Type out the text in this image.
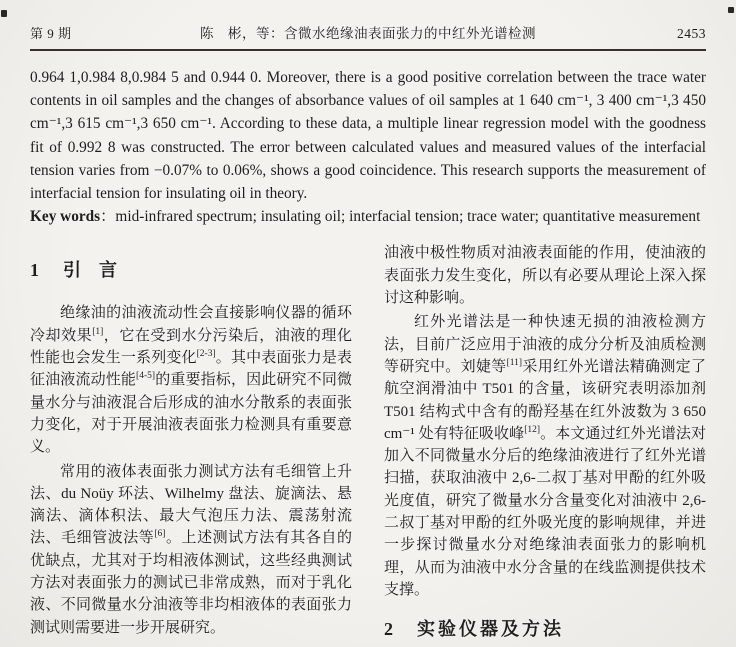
第 9 期	陈　彬，等：含微水绝缘油表面张力的中红外光谱检测	2453

0.964 1,0.984 8,0.984 5 and 0.944 0. Moreover, there is a good positive correlation between the trace water contents in oil samples and the changes of absorbance values of oil samples at 1 640 cm⁻¹, 3 400 cm⁻¹,3 450 cm⁻¹,3 615 cm⁻¹,3 650 cm⁻¹. According to these data, a multiple linear regression model with the goodness fit of 0.992 8 was constructed. The error between calculated values and measured values of the interfacial tension varies from −0.07% to 0.06%, shows a good coincidence. This research supports the measurement of interfacial tension for insulating oil in theory.

Key words：mid-infrared spectrum; insulating oil; interfacial tension; trace water; quantitative measurement

1 引　言

绝缘油的油液流动性会直接影响仪器的循环冷却效果[1]，它在受到水分污染后，油液的理化性能也会发生一系列变化[2-3]。其中表面张力是表征油液流动性能[4-5]的重要指标，因此研究不同微量水分与油液混合后形成的油水分散系的表面张力变化，对于开展油液表面张力检测具有重要意义。

常用的液体表面张力测试方法有毛细管上升法、du Noüy 环法、Wilhelmy 盘法、旋滴法、悬滴法、滴体积法、最大气泡压力法、震荡射流法、毛细管波法等[6]。上述测试方法有其各自的优缺点，尤其对于均相液体测试，这些经典测试方法对表面张力的测试已非常成熟，而对于乳化液、不同微量水分油液等非均相液体的表面张力测试则需要进一步开展研究。

油液中极性物质对油液表面能的作用，使油液的表面张力发生变化，所以有必要从理论上深入探讨这种影响。

红外光谱法是一种快速无损的油液检测方法，目前广泛应用于油液的成分分析及油质检测等研究中。刘婕等[11]采用红外光谱法精确测定了航空润滑油中 T501 的含量，该研究表明添加剂 T501 结构式中含有的酚羟基在红外波数为 3 650 cm⁻¹ 处有特征吸收峰[12]。本文通过红外光谱法对加入不同微量水分后的绝缘油液进行了红外光谱扫描，获取油液中 2,6-二叔丁基对甲酚的红外吸光度值，研究了微量水分含量变化对油液中 2,6-二叔丁基对甲酚的红外吸光度的影响规律，并进一步探讨微量水分对绝缘油表面张力的影响机理，从而为油液中水分含量的在线监测提供技术支撑。

2 实验仪器及方法
